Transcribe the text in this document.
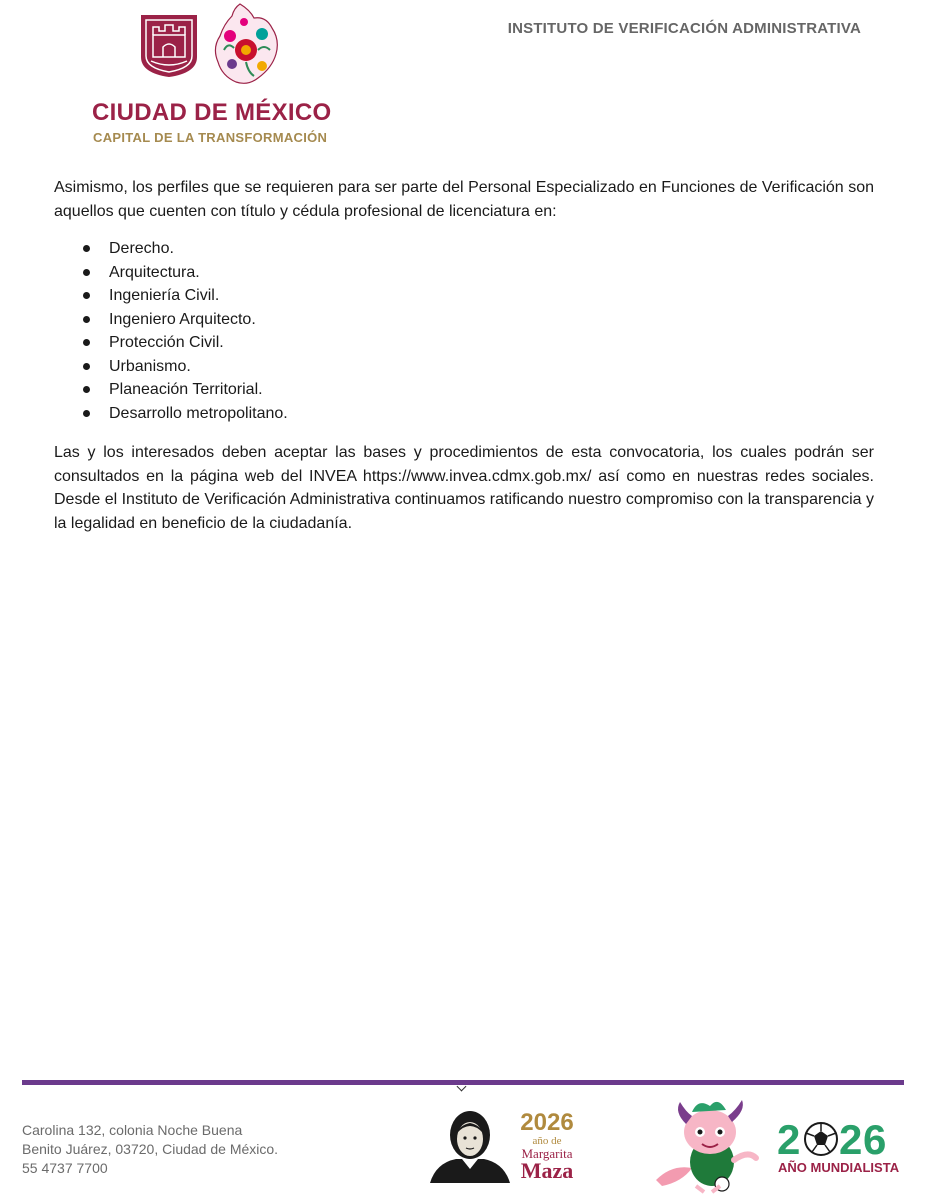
CIUDAD DE MÉXICO
CAPITAL DE LA TRANSFORMACIÓN
INSTITUTO DE VERIFICACIÓN ADMINISTRATIVA

Asimismo, los perfiles que se requieren para ser parte del Personal Especializado en Funciones de Verificación son aquellos que cuenten con título y cédula profesional de licenciatura en:

Derecho.
Arquitectura.
Ingeniería Civil.
Ingeniero Arquitecto.
Protección Civil.
Urbanismo.
Planeación Territorial.
Desarrollo metropolitano.

Las y los interesados deben aceptar las bases y procedimientos de esta convocatoria, los cuales podrán ser consultados en la página web del INVEA https://www.invea.cdmx.gob.mx/ así como en nuestras redes sociales. Desde el Instituto de Verificación Administrativa continuamos ratificando nuestro compromiso con la transparencia y la legalidad en beneficio de la ciudadanía.

Carolina 132, colonia Noche Buena
Benito Juárez, 03720, Ciudad de México.
55 4737 7700
2026
año de
Margarita
Maza
2 2 6
AÑO MUNDIALISTA
